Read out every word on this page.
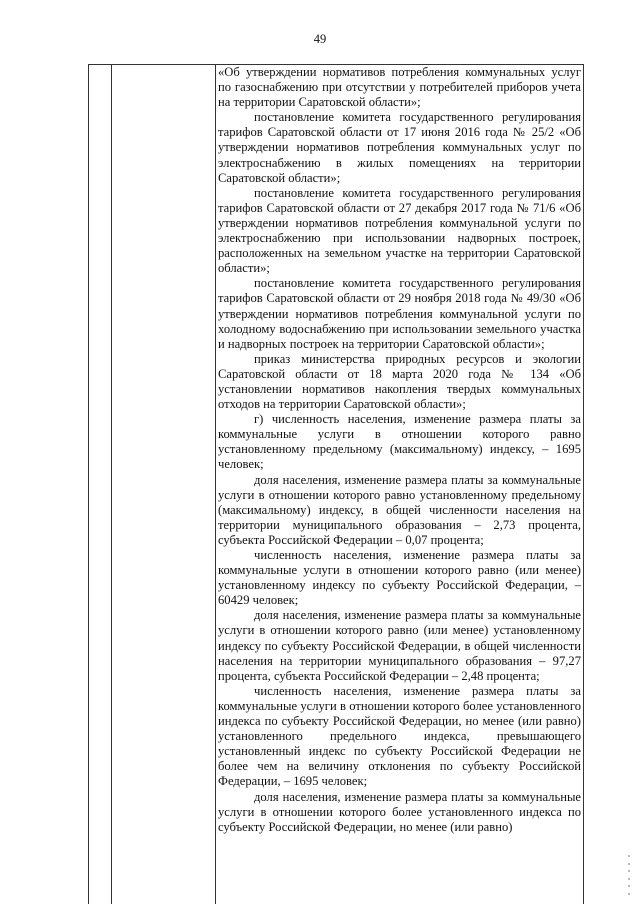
49

«Об утверждении нормативов потребления коммунальных услуг по газоснабжению при отсутствии у потребителей приборов учета на территории Саратовской области»;

постановление комитета государственного регулирования тарифов Саратовской области от 17 июня 2016 года № 25/2 «Об утверждении нормативов потребления коммунальных услуг по электроснабжению в жилых помещениях на территории Саратовской области»;

постановление комитета государственного регулирования тарифов Саратовской области от 27 декабря 2017 года № 71/6 «Об утверждении нормативов потребления коммунальной услуги по электроснабжению при использовании надворных построек, расположенных на земельном участке на территории Саратовской области»;

постановление комитета государственного регулирования тарифов Саратовской области от 29 ноября 2018 года № 49/30 «Об утверждении нормативов потребления коммунальной услуги по холодному водоснабжению при использовании земельного участка и надворных построек на территории Саратовской области»;

приказ министерства природных ресурсов и экологии Саратовской области от 18 марта 2020 года № 134 «Об установлении нормативов накопления твердых коммунальных отходов на территории Саратовской области»;

г) численность населения, изменение размера платы за коммунальные услуги в отношении которого равно установленному предельному (максимальному) индексу, – 1695 человек;

доля населения, изменение размера платы за коммунальные услуги в отношении которого равно установленному предельному (максимальному) индексу, в общей численности населения на территории муниципального образования – 2,73 процента, субъекта Российской Федерации – 0,07 процента;

численность населения, изменение размера платы за коммунальные услуги в отношении которого равно (или менее) установленному индексу по субъекту Российской Федерации, – 60429 человек;

доля населения, изменение размера платы за коммунальные услуги в отношении которого равно (или менее) установленному индексу по субъекту Российской Федерации, в общей численности населения на территории муниципального образования – 97,27 процента, субъекта Российской Федерации – 2,48 процента;

численность населения, изменение размера платы за коммунальные услуги в отношении которого более установленного индекса по субъекту Российской Федерации, но менее (или равно) установленного предельного индекса, превышающего установленный индекс по субъекту Российской Федерации не более чем на величину отклонения по субъекту Российской Федерации, – 1695 человек;

доля населения, изменение размера платы за коммунальные услуги в отношении которого более установленного индекса по субъекту Российской Федерации, но менее (или равно)
